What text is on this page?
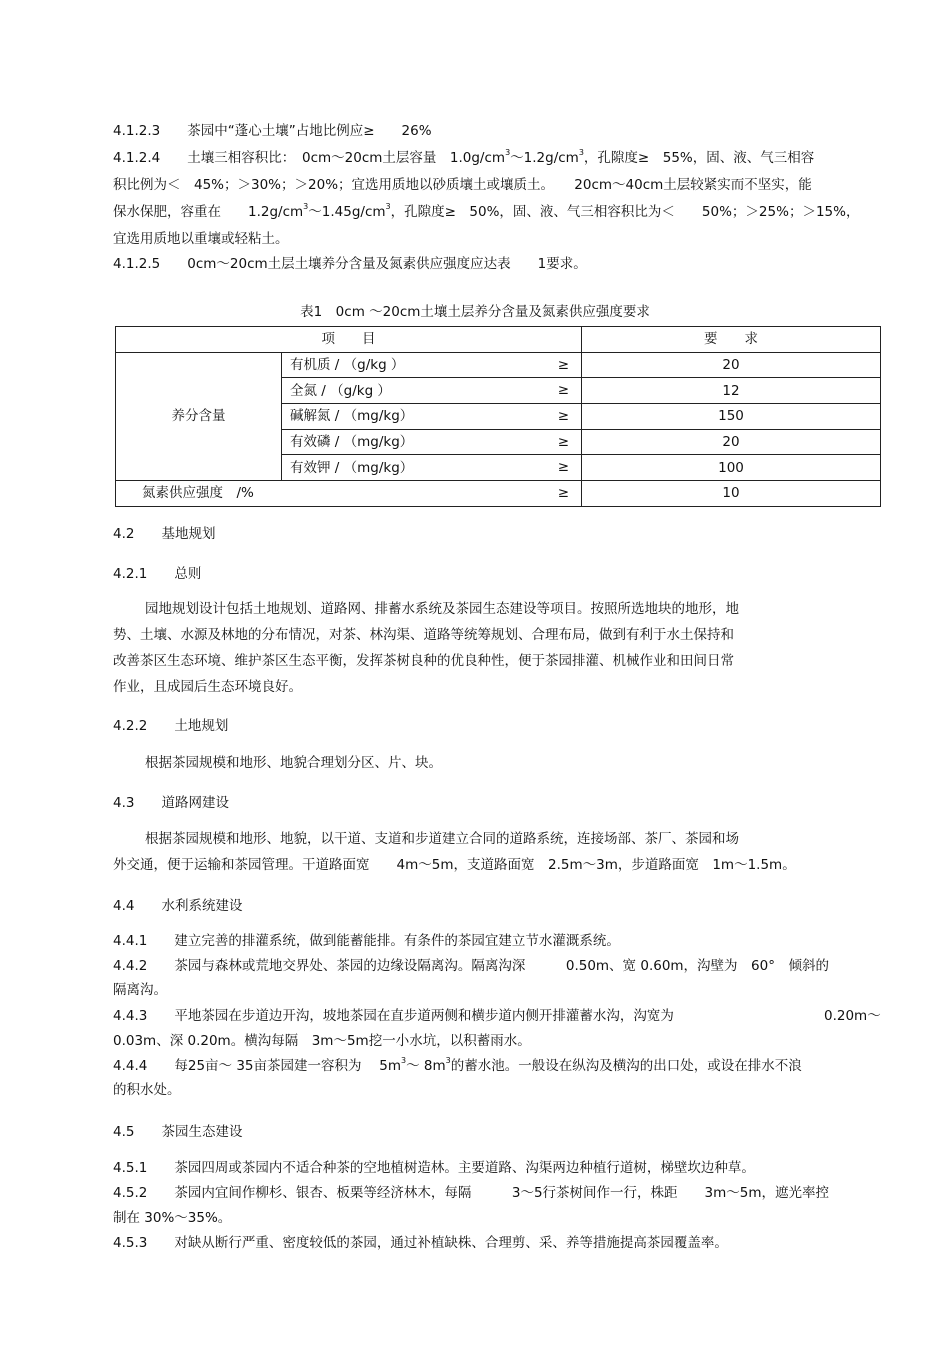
4.1.2.3　　茶园中“蓬心土壤”占地比例应≥　　26%
4.1.2.4　　土壤三相容积比：　0cm～20cm土层容量　$1.0g/cm^3\sim 1.2g/cm^3$，孔隙度≥　55%，固、液、气三相容
积比例为＜　45%；＞30%；＞20%；宜选用质地以砂质壤土或壤质土。　　20cm～40cm土层较紧实而不坚实，能
保水保肥，容重在　　$1.2g/cm^3\sim 1.45g/cm^3$，孔隙度≥　50%，固、液、气三相容积比为＜　　50%；＞25%；＞15%，
宜选用质地以重壤或轻粘土。
4.1.2.5　　0cm～20cm土层土壤养分含量及氮素供应强度应达表　　1要求。
表1　0cm ～20cm土壤土层养分含量及氮素供应强度要求
项　　目		要　　求
养分含量	有机质 / （g/kg ） ≥	20
	全氮 / （g/kg ） ≥	12
	碱解氮 / （mg/kg） ≥	150
	有效磷 / （mg/kg） ≥	20
	有效钾 / （mg/kg） ≥	100
氮素供应强度　/% ≥		10
4.2　　基地规划
4.2.1　　总则
园地规划设计包括土地规划、道路网、排蓄水系统及茶园生态建设等项目。按照所选地块的地形，地
势、土壤、水源及林地的分布情况，对茶、林沟渠、道路等统筹规划、合理布局，做到有利于水土保持和
改善茶区生态环境、维护茶区生态平衡，发挥茶树良种的优良种性，便于茶园排灌、机械作业和田间日常
作业，且成园后生态环境良好。
4.2.2　　土地规划
根据茶园规模和地形、地貌合理划分区、片、块。
4.3　　道路网建设
根据茶园规模和地形、地貌，以干道、支道和步道建立合同的道路系统，连接场部、茶厂、茶园和场
外交通，便于运输和茶园管理。干道路面宽　　4m～5m，支道路面宽　2.5m～3m，步道路面宽　1m～1.5m。
4.4　　水利系统建设
4.4.1　　建立完善的排灌系统，做到能蓄能排。有条件的茶园宜建立节水灌溉系统。
4.4.2　　茶园与森林或荒地交界处、茶园的边缘设隔离沟。隔离沟深　　　0.50m、宽 0.60m，沟壁为　60°　倾斜的
隔离沟。
4.4.3　　平地茶园在步道边开沟，坡地茶园在直步道两侧和横步道内侧开排灌蓄水沟，沟宽为	0.20m～
0.03m、深 0.20m。横沟每隔　3m～5m挖一小水坑，以积蓄雨水。
4.4.4　　每25亩～ 35亩茶园建一容积为　 $5m^3\sim$ $8m^3$的蓄水池。一般设在纵沟及横沟的出口处，或设在排水不浪
的积水处。
4.5　　茶园生态建设
4.5.1　　茶园四周或茶园内不适合种茶的空地植树造林。主要道路、沟渠两边种植行道树，梯壁坎边种草。
4.5.2　　茶园内宜间作柳杉、银杏、板栗等经济林木，每隔　　　3～5行茶树间作一行，株距　　3m～5m，遮光率控
制在 30%～35%。
4.5.3　　对缺从断行严重、密度较低的茶园，通过补植缺株、合理剪、采、养等措施提高茶园覆盖率。
